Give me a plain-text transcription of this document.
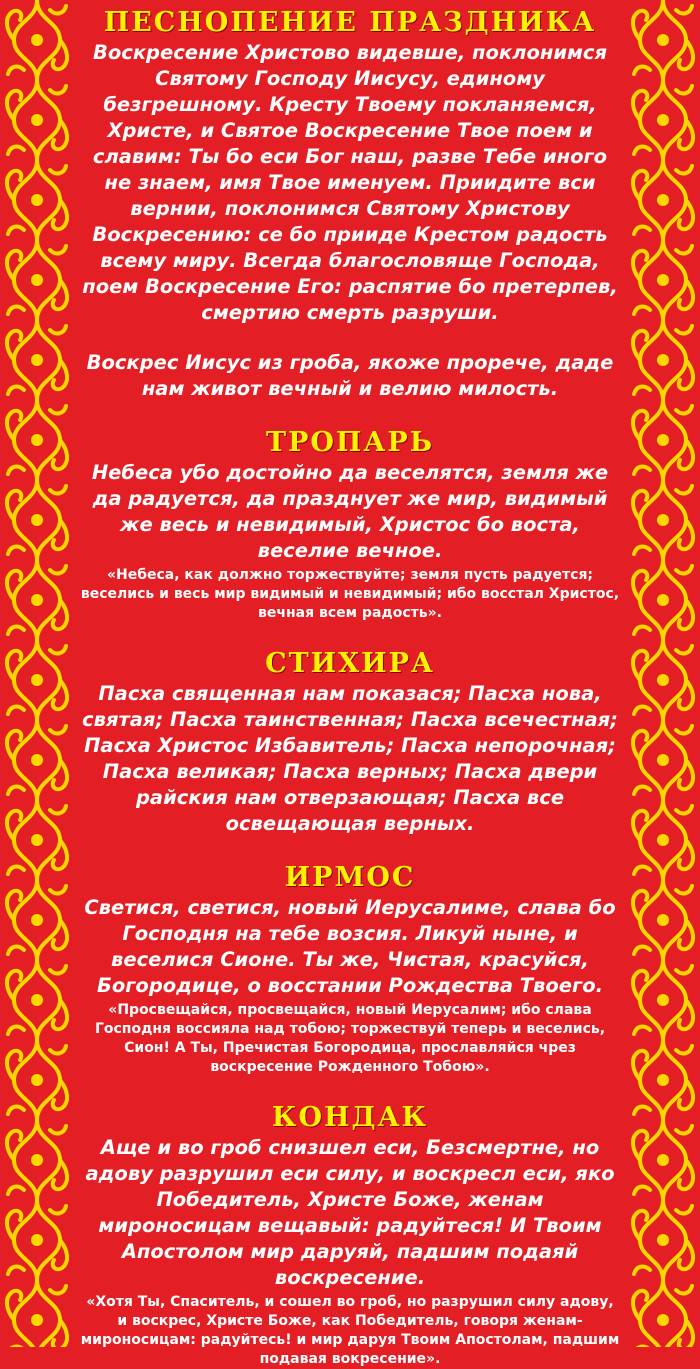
ПЕСНОПЕНИЕ ПРАЗДНИКА

Воскресение Христово видевше, поклонимся Святому Господу Иисусу, единому безгрешному. Кресту Твоему покланяемся, Христе, и Святое Воскресение Твое поем и славим: Ты бо еси Бог наш, разве Тебе иного не знаем, имя Твое именуем. Приидите вси вернии, поклонимся Святому Христову Воскресению: се бо прииде Крестом радость всему миру. Всегда благословяще Господа, поем Воскресение Его: распятие бо претерпев, смертию смерть разруши.

Воскрес Иисус из гроба, якоже прорече, даде нам живот вечный и велию милость.

ТРОПАРЬ

Небеса убо достойно да веселятся, земля же да радуется, да празднует же мир, видимый же весь и невидимый, Христос бо воста, веселие вечное.

«Небеса, как должно торжествуйте; земля пусть радуется; веселись и весь мир видимый и невидимый; ибо восстал Христос, вечная всем радость».

СТИХИРА

Пасха священная нам показася; Пасха нова, святая; Пасха таинственная; Пасха всечестная; Пасха Христос Избавитель; Пасха непорочная; Пасха великая; Пасха верных; Пасха двери райския нам отверзающая; Пасха все освещающая верных.

ИРМОС

Светися, светися, новый Иерусалиме, слава бо Господня на тебе возсия. Ликуй ныне, и веселися Сионе. Ты же, Чистая, красуйся, Богородице, о восстании Рождества Твоего.

«Просвещайся, просвещайся, новый Иерусалим; ибо слава Господня воссияла над тобою; торжествуй теперь и веселись, Сион! А Ты, Пречистая Богородица, прославляйся чрез воскресение Рожденного Тобою».

КОНДАК

Аще и во гроб снизшел еси, Безсмертне, но адову разрушил еси силу, и воскресл еси, яко Победитель, Христе Боже, женам мироносицам вещавый: радуйтеся! И Твоим Апостолом мир даруяй, падшим подаяй воскресение.

«Хотя Ты, Спаситель, и сошел во гроб, но разрушил силу адову, и воскрес, Христе Боже, как Победитель, говоря женам-мироносицам: радуйтесь! и мир даруя Твоим Апостолам, падшим подавая вокресение».
